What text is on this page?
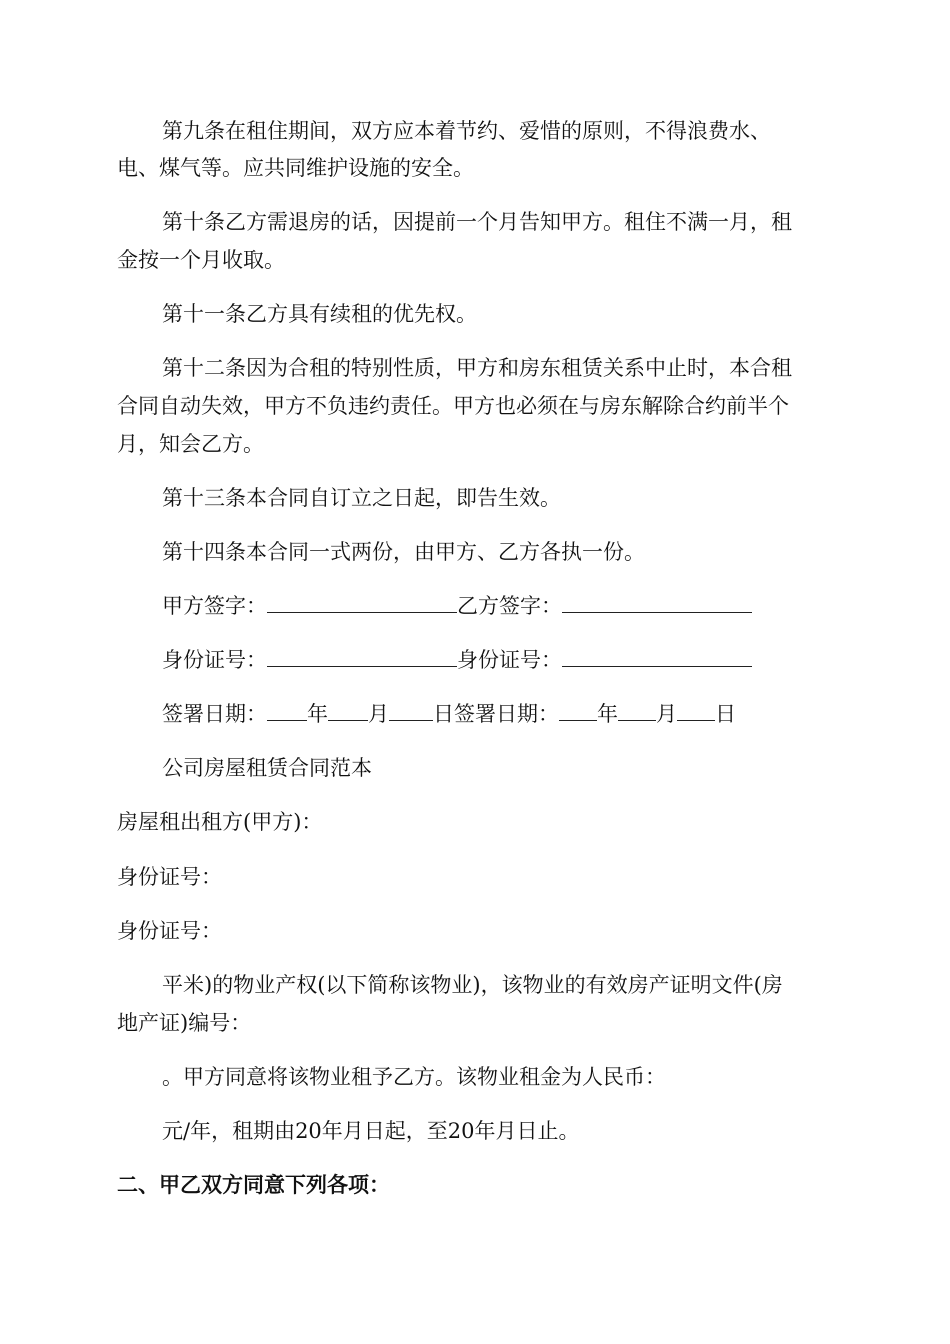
第九条在租住期间，双方应本着节约、爱惜的原则，不得浪费水、
电、煤气等。应共同维护设施的安全。
第十条乙方需退房的话，因提前一个月告知甲方。租住不满一月，租
金按一个月收取。
第十一条乙方具有续租的优先权。
第十二条因为合租的特别性质，甲方和房东租赁关系中止时，本合租
合同自动失效，甲方不负违约责任。甲方也必须在与房东解除合约前半个
月，知会乙方。
第十三条本合同自订立之日起，即告生效。
第十四条本合同一式两份，由甲方、乙方各执一份。
甲方签字：	乙方签字：
身份证号：	身份证号：
签署日期： 年 月 日签署日期： 年 月 日
公司房屋租赁合同范本
房屋租出租方(甲方)：
身份证号：
身份证号：
平米)的物业产权(以下简称该物业)，该物业的有效房产证明文件(房
地产证)编号：
。甲方同意将该物业租予乙方。该物业租金为人民币：
元/年，租期由20年月日起，至20年月日止。
二、甲乙双方同意下列各项：
